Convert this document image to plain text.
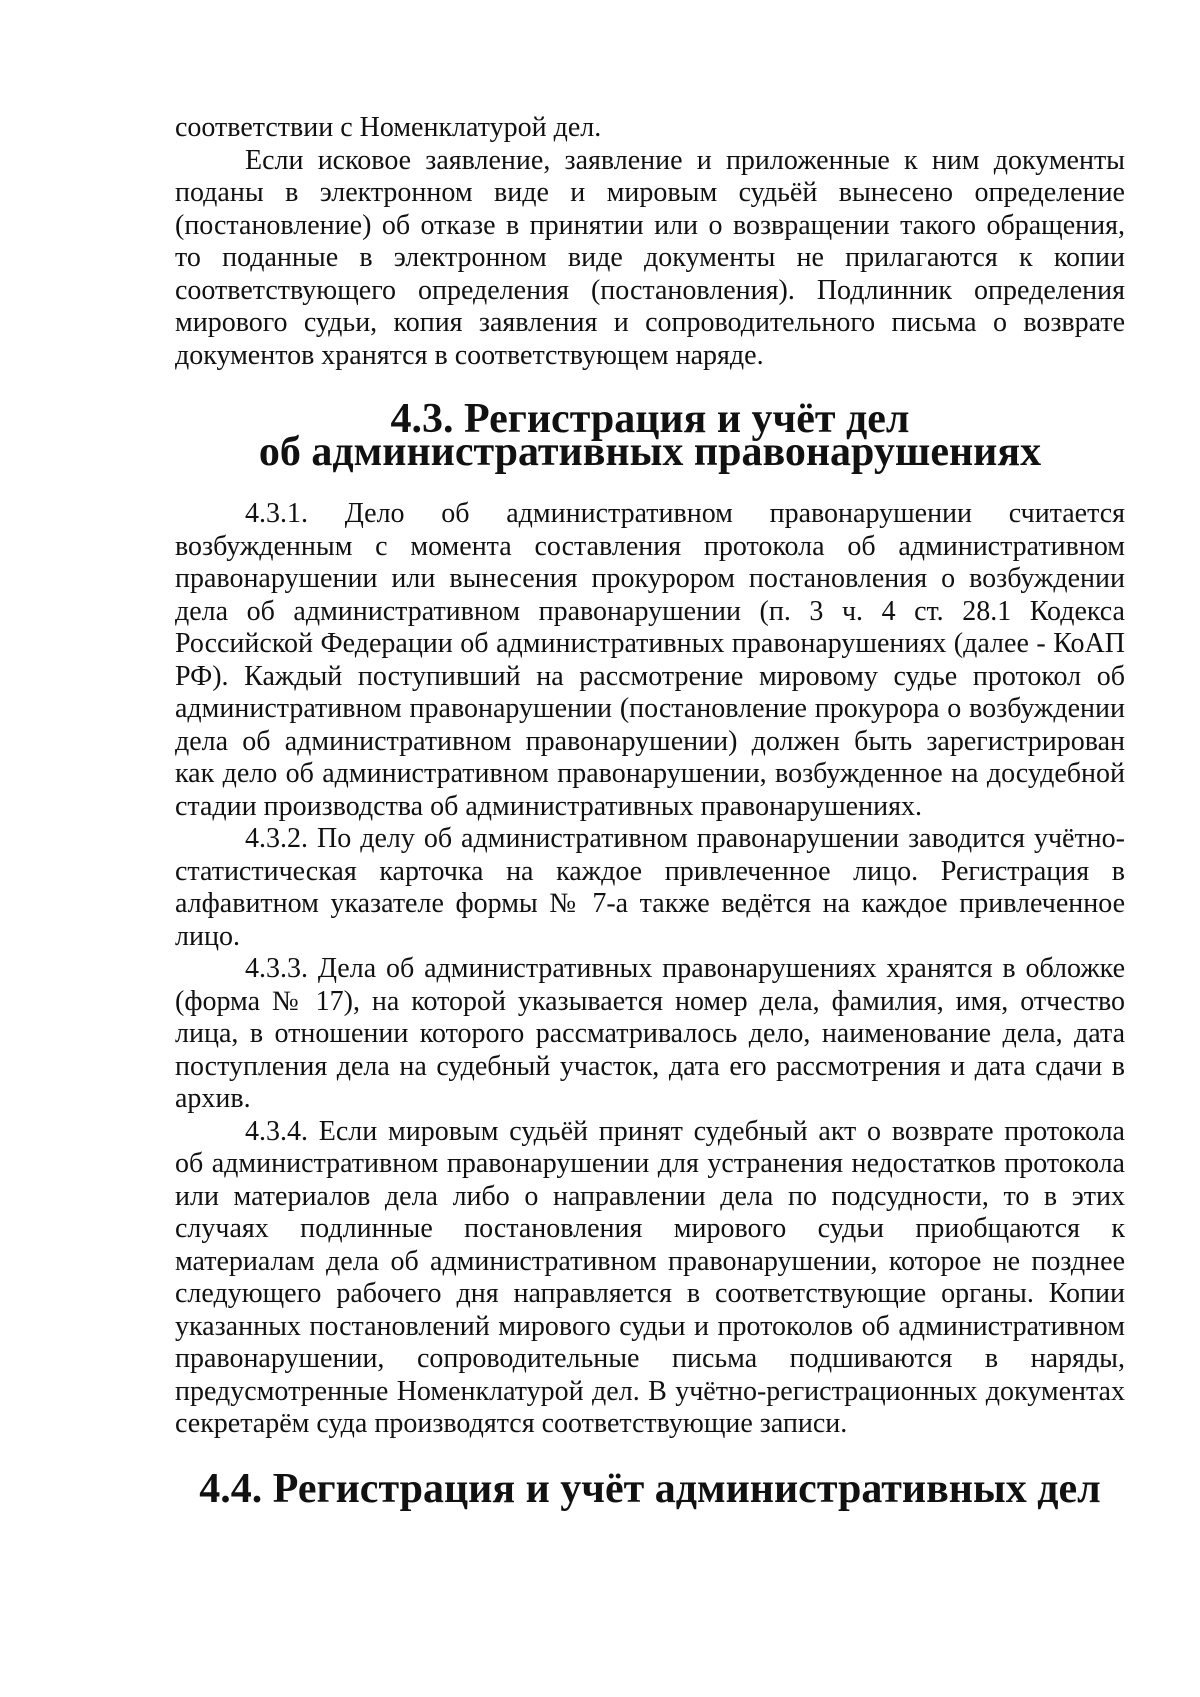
соответствии с Номенклатурой дел.

Если исковое заявление, заявление и приложенные к ним документы поданы в электронном виде и мировым судьёй вынесено определение (постановление) об отказе в принятии или о возвращении такого обращения, то поданные в электронном виде документы не прилагаются к копии соответствующего определения (постановления). Подлинник определения мирового судьи, копия заявления и сопроводительного письма о возврате документов хранятся в соответствующем наряде.

4.3. Регистрация и учёт дел
об административных правонарушениях

4.3.1. Дело об административном правонарушении считается возбужденным с момента составления протокола об административном правонарушении или вынесения прокурором постановления о возбуждении дела об административном правонарушении (п. 3 ч. 4 ст. 28.1 Кодекса Российской Федерации об административных правонарушениях (далее - КоАП РФ). Каждый поступивший на рассмотрение мировому судье протокол об административном правонарушении (постановление прокурора о возбуждении дела об административном правонарушении) должен быть зарегистрирован как дело об административном правонарушении, возбужденное на досудебной стадии производства об административных правонарушениях.

4.3.2. По делу об административном правонарушении заводится учётно-статистическая карточка на каждое привлеченное лицо. Регистрация в алфавитном указателе формы № 7-а также ведётся на каждое привлеченное лицо.

4.3.3. Дела об административных правонарушениях хранятся в обложке (форма № 17), на которой указывается номер дела, фамилия, имя, отчество лица, в отношении которого рассматривалось дело, наименование дела, дата поступления дела на судебный участок, дата его рассмотрения и дата сдачи в архив.

4.3.4. Если мировым судьёй принят судебный акт о возврате протокола об административном правонарушении для устранения недостатков протокола или материалов дела либо о направлении дела по подсудности, то в этих случаях подлинные постановления мирового судьи приобщаются к материалам дела об административном правонарушении, которое не позднее следующего рабочего дня направляется в соответствующие органы. Копии указанных постановлений мирового судьи и протоколов об административном правонарушении, сопроводительные письма подшиваются в наряды, предусмотренные Номенклатурой дел. В учётно-регистрационных документах секретарём суда производятся соответствующие записи.

4.4. Регистрация и учёт административных дел
